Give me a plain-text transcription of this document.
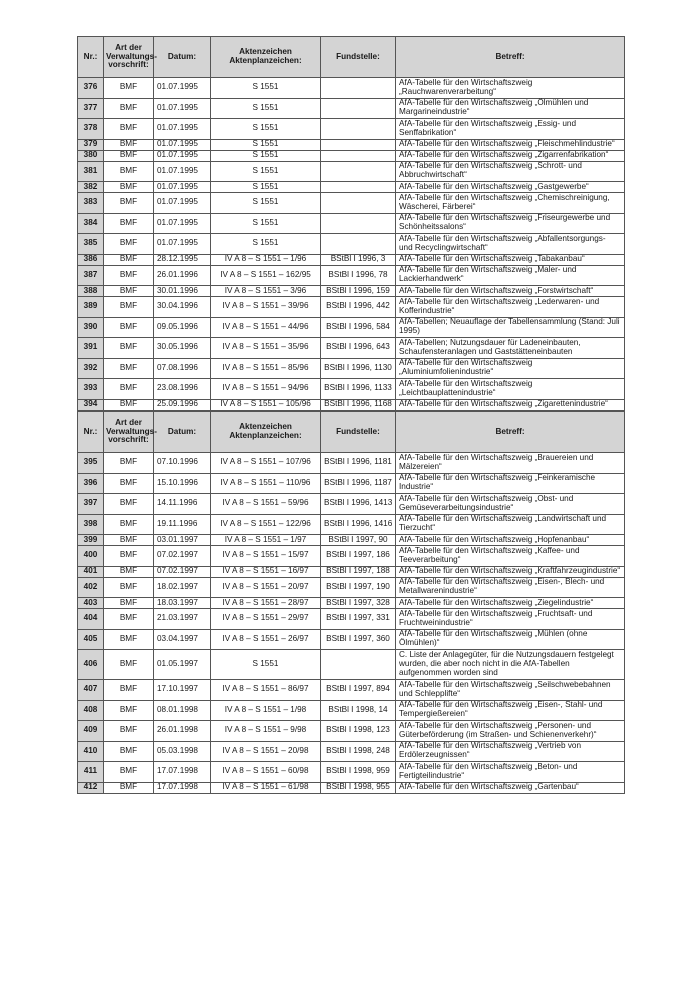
Nr.:	Art der Verwaltungs-vorschrift:	Datum:	Aktenzeichen Aktenplanzeichen:	Fundstelle:	Betreff:
376	BMF	01.07.1995	S 1551		AfA-Tabelle für den Wirtschaftszweig „Rauchwarenverarbeitung“
377	BMF	01.07.1995	S 1551		AfA-Tabelle für den Wirtschaftszweig „Ölmühlen und Margarineindustrie“
378	BMF	01.07.1995	S 1551		AfA-Tabelle für den Wirtschaftszweig „Essig- und Senffabrikation“
379	BMF	01.07.1995	S 1551		AfA-Tabelle für den Wirtschaftszweig „Fleischmehlindustrie“
380	BMF	01.07.1995	S 1551		AfA-Tabelle für den Wirtschaftszweig „Zigarrenfabrikation“
381	BMF	01.07.1995	S 1551		AfA-Tabelle für den Wirtschaftszweig „Schrott- und Abbruchwirtschaft“
382	BMF	01.07.1995	S 1551		AfA-Tabelle für den Wirtschaftszweig „Gastgewerbe“
383	BMF	01.07.1995	S 1551		AfA-Tabelle für den Wirtschaftszweig „Chemischreinigung, Wäscherei, Färberei“
384	BMF	01.07.1995	S 1551		AfA-Tabelle für den Wirtschaftszweig „Friseurgewerbe und Schönheitssalons“
385	BMF	01.07.1995	S 1551		AfA-Tabelle für den Wirtschaftszweig „Abfallentsorgungs- und Recyclingwirtschaft“
386	BMF	28.12.1995	IV A 8 – S 1551 – 1/96	BStBl I 1996, 3	AfA-Tabelle für den Wirtschaftszweig „Tabakanbau“
387	BMF	26.01.1996	IV A 8 – S 1551 – 162/95	BStBl I 1996, 78	AfA-Tabelle für den Wirtschaftszweig „Maler- und Lackierhandwerk“
388	BMF	30.01.1996	IV A 8 – S 1551 – 3/96	BStBl I 1996, 159	AfA-Tabelle für den Wirtschaftszweig „Forstwirtschaft“
389	BMF	30.04.1996	IV A 8 – S 1551 – 39/96	BStBl I 1996, 442	AfA-Tabelle für den Wirtschaftszweig „Lederwaren- und Kofferindustrie“
390	BMF	09.05.1996	IV A 8 – S 1551 – 44/96	BStBl I 1996, 584	AfA-Tabellen; Neuauflage der Tabellensammlung (Stand: Juli 1995)
391	BMF	30.05.1996	IV A 8 – S 1551 – 35/96	BStBl I 1996, 643	AfA-Tabellen; Nutzungsdauer für Ladeneinbauten, Schaufensteranlagen und Gaststätteneinbauten
392	BMF	07.08.1996	IV A 8 – S 1551 – 85/96	BStBl I 1996, 1130	AfA-Tabelle für den Wirtschaftszweig „Aluminiumfolienindustrie“
393	BMF	23.08.1996	IV A 8 – S 1551 – 94/96	BStBl I 1996, 1133	AfA-Tabelle für den Wirtschaftszweig „Leichtbauplattenindustrie“
394	BMF	25.09.1996	IV A 8 – S 1551 – 105/96	BStBl I 1996, 1168	AfA-Tabelle für den Wirtschaftszweig „Zigarettenindustrie“
Nr.:	Art der Verwaltungs-vorschrift:	Datum:	Aktenzeichen Aktenplanzeichen:	Fundstelle:	Betreff:
395	BMF	07.10.1996	IV A 8 – S 1551 – 107/96	BStBl I 1996, 1181	AfA-Tabelle für den Wirtschaftszweig „Brauereien und Mälzereien“
396	BMF	15.10.1996	IV A 8 – S 1551 – 110/96	BStBl I 1996, 1187	AfA-Tabelle für den Wirtschaftszweig „Feinkeramische Industrie“
397	BMF	14.11.1996	IV A 8 – S 1551 – 59/96	BStBl I 1996, 1413	AfA-Tabelle für den Wirtschaftszweig „Obst- und Gemüseverarbeitungsindustrie“
398	BMF	19.11.1996	IV A 8 – S 1551 – 122/96	BStBl I 1996, 1416	AfA-Tabelle für den Wirtschaftszweig „Landwirtschaft und Tierzucht“
399	BMF	03.01.1997	IV A 8 – S 1551 – 1/97	BStBl I 1997, 90	AfA-Tabelle für den Wirtschaftszweig „Hopfenanbau“
400	BMF	07.02.1997	IV A 8 – S 1551 – 15/97	BStBl I 1997, 186	AfA-Tabelle für den Wirtschaftszweig „Kaffee- und Teeverarbeitung“
401	BMF	07.02.1997	IV A 8 – S 1551 – 16/97	BStBl I 1997, 188	AfA-Tabelle für den Wirtschaftszweig „Kraftfahrzeugindustrie“
402	BMF	18.02.1997	IV A 8 – S 1551 – 20/97	BStBl I 1997, 190	AfA-Tabelle für den Wirtschaftszweig „Eisen-, Blech- und Metallwarenindustrie“
403	BMF	18.03.1997	IV A 8 – S 1551 – 28/97	BStBl I 1997, 328	AfA-Tabelle für den Wirtschaftszweig „Ziegelindustrie“
404	BMF	21.03.1997	IV A 8 – S 1551 – 29/97	BStBl I 1997, 331	AfA-Tabelle für den Wirtschaftszweig „Fruchtsaft- und Fruchtweinindustrie“
405	BMF	03.04.1997	IV A 8 – S 1551 – 26/97	BStBl I 1997, 360	AfA-Tabelle für den Wirtschaftszweig „Mühlen (ohne Ölmühlen)“
406	BMF	01.05.1997	S 1551		C. Liste der Anlagegüter, für die Nutzungsdauern festgelegt wurden, die aber noch nicht in die AfA-Tabellen aufgenommen worden sind
407	BMF	17.10.1997	IV A 8 – S 1551 – 86/97	BStBl I 1997, 894	AfA-Tabelle für den Wirtschaftszweig „Seilschwebebahnen und Schlepplifte“
408	BMF	08.01.1998	IV A 8 – S 1551 – 1/98	BStBl I 1998, 14	AfA-Tabelle für den Wirtschaftszweig „Eisen-, Stahl- und Tempergießereien“
409	BMF	26.01.1998	IV A 8 – S 1551 – 9/98	BStBl I 1998, 123	AfA-Tabelle für den Wirtschaftszweig „Personen- und Güterbeförderung (im Straßen- und Schienenverkehr)“
410	BMF	05.03.1998	IV A 8 – S 1551 – 20/98	BStBl I 1998, 248	AfA-Tabelle für den Wirtschaftszweig „Vertrieb von Erdölerzeugnissen“
411	BMF	17.07.1998	IV A 8 – S 1551 – 60/98	BStBl I 1998, 959	AfA-Tabelle für den Wirtschaftszweig „Beton- und Fertigteilindustrie“
412	BMF	17.07.1998	IV A 8 – S 1551 – 61/98	BStBl I 1998, 955	AfA-Tabelle für den Wirtschaftszweig „Gartenbau“
